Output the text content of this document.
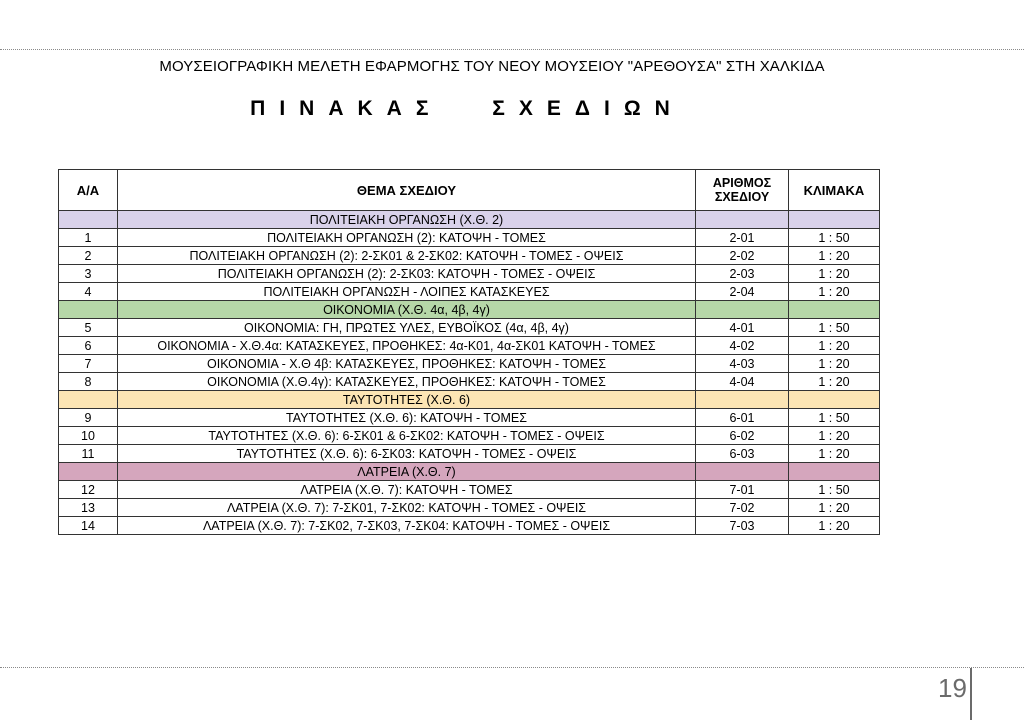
ΜΟΥΣΕΙΟΓΡΑΦΙΚΗ ΜΕΛΕΤΗ ΕΦΑΡΜΟΓΗΣ ΤΟΥ ΝΕΟΥ ΜΟΥΣΕΙΟΥ "ΑΡΕΘΟΥΣΑ" ΣΤΗ ΧΑΛΚΙΔΑ
ΠΙΝΑΚΑΣ ΣΧΕΔΙΩΝ
Α/Α	ΘΕΜΑ ΣΧΕΔΙΟΥ	ΑΡΙΘΜΟΣ ΣΧΕΔΙΟΥ	ΚΛΙΜΑΚΑ
	ΠΟΛΙΤΕΙΑΚΗ ΟΡΓΑΝΩΣΗ (Χ.Θ. 2)		
1	ΠΟΛΙΤΕΙΑΚΗ ΟΡΓΑΝΩΣΗ (2): ΚΑΤΟΨΗ - ΤΟΜΕΣ	2-01	1 : 50
2	ΠΟΛΙΤΕΙΑΚΗ ΟΡΓΑΝΩΣΗ (2): 2-ΣΚ01 & 2-ΣΚ02: ΚΑΤΟΨΗ - ΤΟΜΕΣ - ΟΨΕΙΣ	2-02	1 : 20
3	ΠΟΛΙΤΕΙΑΚΗ ΟΡΓΑΝΩΣΗ (2): 2-ΣΚ03: ΚΑΤΟΨΗ - ΤΟΜΕΣ - ΟΨΕΙΣ	2-03	1 : 20
4	ΠΟΛΙΤΕΙΑΚΗ ΟΡΓΑΝΩΣΗ - ΛΟΙΠΕΣ ΚΑΤΑΣΚΕΥΕΣ	2-04	1 : 20
	ΟΙΚΟΝΟΜΙΑ (Χ.Θ. 4α, 4β, 4γ)		
5	ΟΙΚΟΝΟΜΙΑ: ΓΗ, ΠΡΩΤΕΣ ΥΛΕΣ, ΕΥΒΟΪΚΟΣ (4α, 4β, 4γ)	4-01	1 : 50
6	ΟΙΚΟΝΟΜΙΑ - Χ.Θ.4α: ΚΑΤΑΣΚΕΥΕΣ, ΠΡΟΘΗΚΕΣ: 4α-Κ01, 4α-ΣΚ01 ΚΑΤΟΨΗ - ΤΟΜΕΣ	4-02	1 : 20
7	ΟΙΚΟΝΟΜΙΑ - Χ.Θ 4β: ΚΑΤΑΣΚΕΥΕΣ, ΠΡΟΘΗΚΕΣ: ΚΑΤΟΨΗ - ΤΟΜΕΣ	4-03	1 : 20
8	ΟΙΚΟΝΟΜΙΑ (Χ.Θ.4γ): ΚΑΤΑΣΚΕΥΕΣ, ΠΡΟΘΗΚΕΣ: ΚΑΤΟΨΗ - ΤΟΜΕΣ	4-04	1 : 20
	ΤΑΥΤΟΤΗΤΕΣ (Χ.Θ. 6)		
9	ΤΑΥΤΟΤΗΤΕΣ (Χ.Θ. 6): ΚΑΤΟΨΗ - ΤΟΜΕΣ	6-01	1 : 50
10	ΤΑΥΤΟΤΗΤΕΣ (Χ.Θ. 6): 6-ΣΚ01 & 6-ΣΚ02: ΚΑΤΟΨΗ - ΤΟΜΕΣ - ΟΨΕΙΣ	6-02	1 : 20
11	ΤΑΥΤΟΤΗΤΕΣ (Χ.Θ. 6): 6-ΣΚ03: ΚΑΤΟΨΗ - ΤΟΜΕΣ - ΟΨΕΙΣ	6-03	1 : 20
	ΛΑΤΡΕΙΑ (Χ.Θ. 7)		
12	ΛΑΤΡΕΙΑ (Χ.Θ. 7): ΚΑΤΟΨΗ - ΤΟΜΕΣ	7-01	1 : 50
13	ΛΑΤΡΕΙΑ (Χ.Θ. 7): 7-ΣΚ01, 7-ΣΚ02: ΚΑΤΟΨΗ - ΤΟΜΕΣ - ΟΨΕΙΣ	7-02	1 : 20
14	ΛΑΤΡΕΙΑ (Χ.Θ. 7): 7-ΣΚ02, 7-ΣΚ03, 7-ΣΚ04: ΚΑΤΟΨΗ - ΤΟΜΕΣ - ΟΨΕΙΣ	7-03	1 : 20
19
